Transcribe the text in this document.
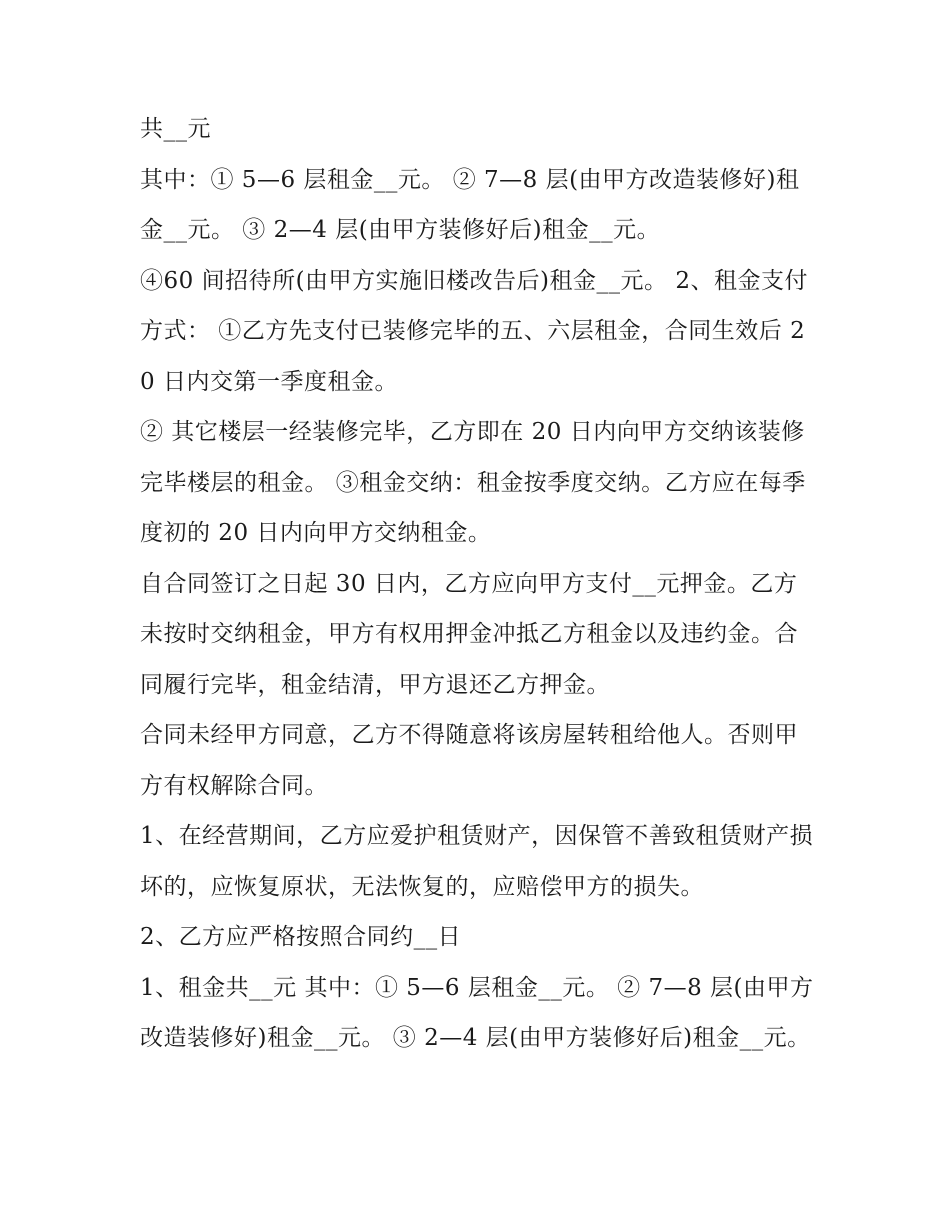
共__元

其中：① 5—6 层租金__元。 ② 7—8 层(由甲方改造装修好)租金__元。 ③ 2—4 层(由甲方装修好后)租金__元。

④60 间招待所(由甲方实施旧楼改告后)租金__元。 2、租金支付方式： ①乙方先支付已装修完毕的五、六层租金，合同生效后 20 日内交第一季度租金。

② 其它楼层一经装修完毕，乙方即在 20 日内向甲方交纳该装修完毕楼层的租金。 ③租金交纳：租金按季度交纳。乙方应在每季度初的 20 日内向甲方交纳租金。

自合同签订之日起 30 日内，乙方应向甲方支付__元押金。乙方未按时交纳租金，甲方有权用押金冲抵乙方租金以及违约金。合同履行完毕，租金结清，甲方退还乙方押金。

合同未经甲方同意，乙方不得随意将该房屋转租给他人。否则甲方有权解除合同。

1、在经营期间，乙方应爱护租赁财产，因保管不善致租赁财产损坏的，应恢复原状，无法恢复的，应赔偿甲方的损失。

2、乙方应严格按照合同约__日

1、租金共__元 其中：① 5—6 层租金__元。 ② 7—8 层(由甲方改造装修好)租金__元。 ③ 2—4 层(由甲方装修好后)租金__元。
